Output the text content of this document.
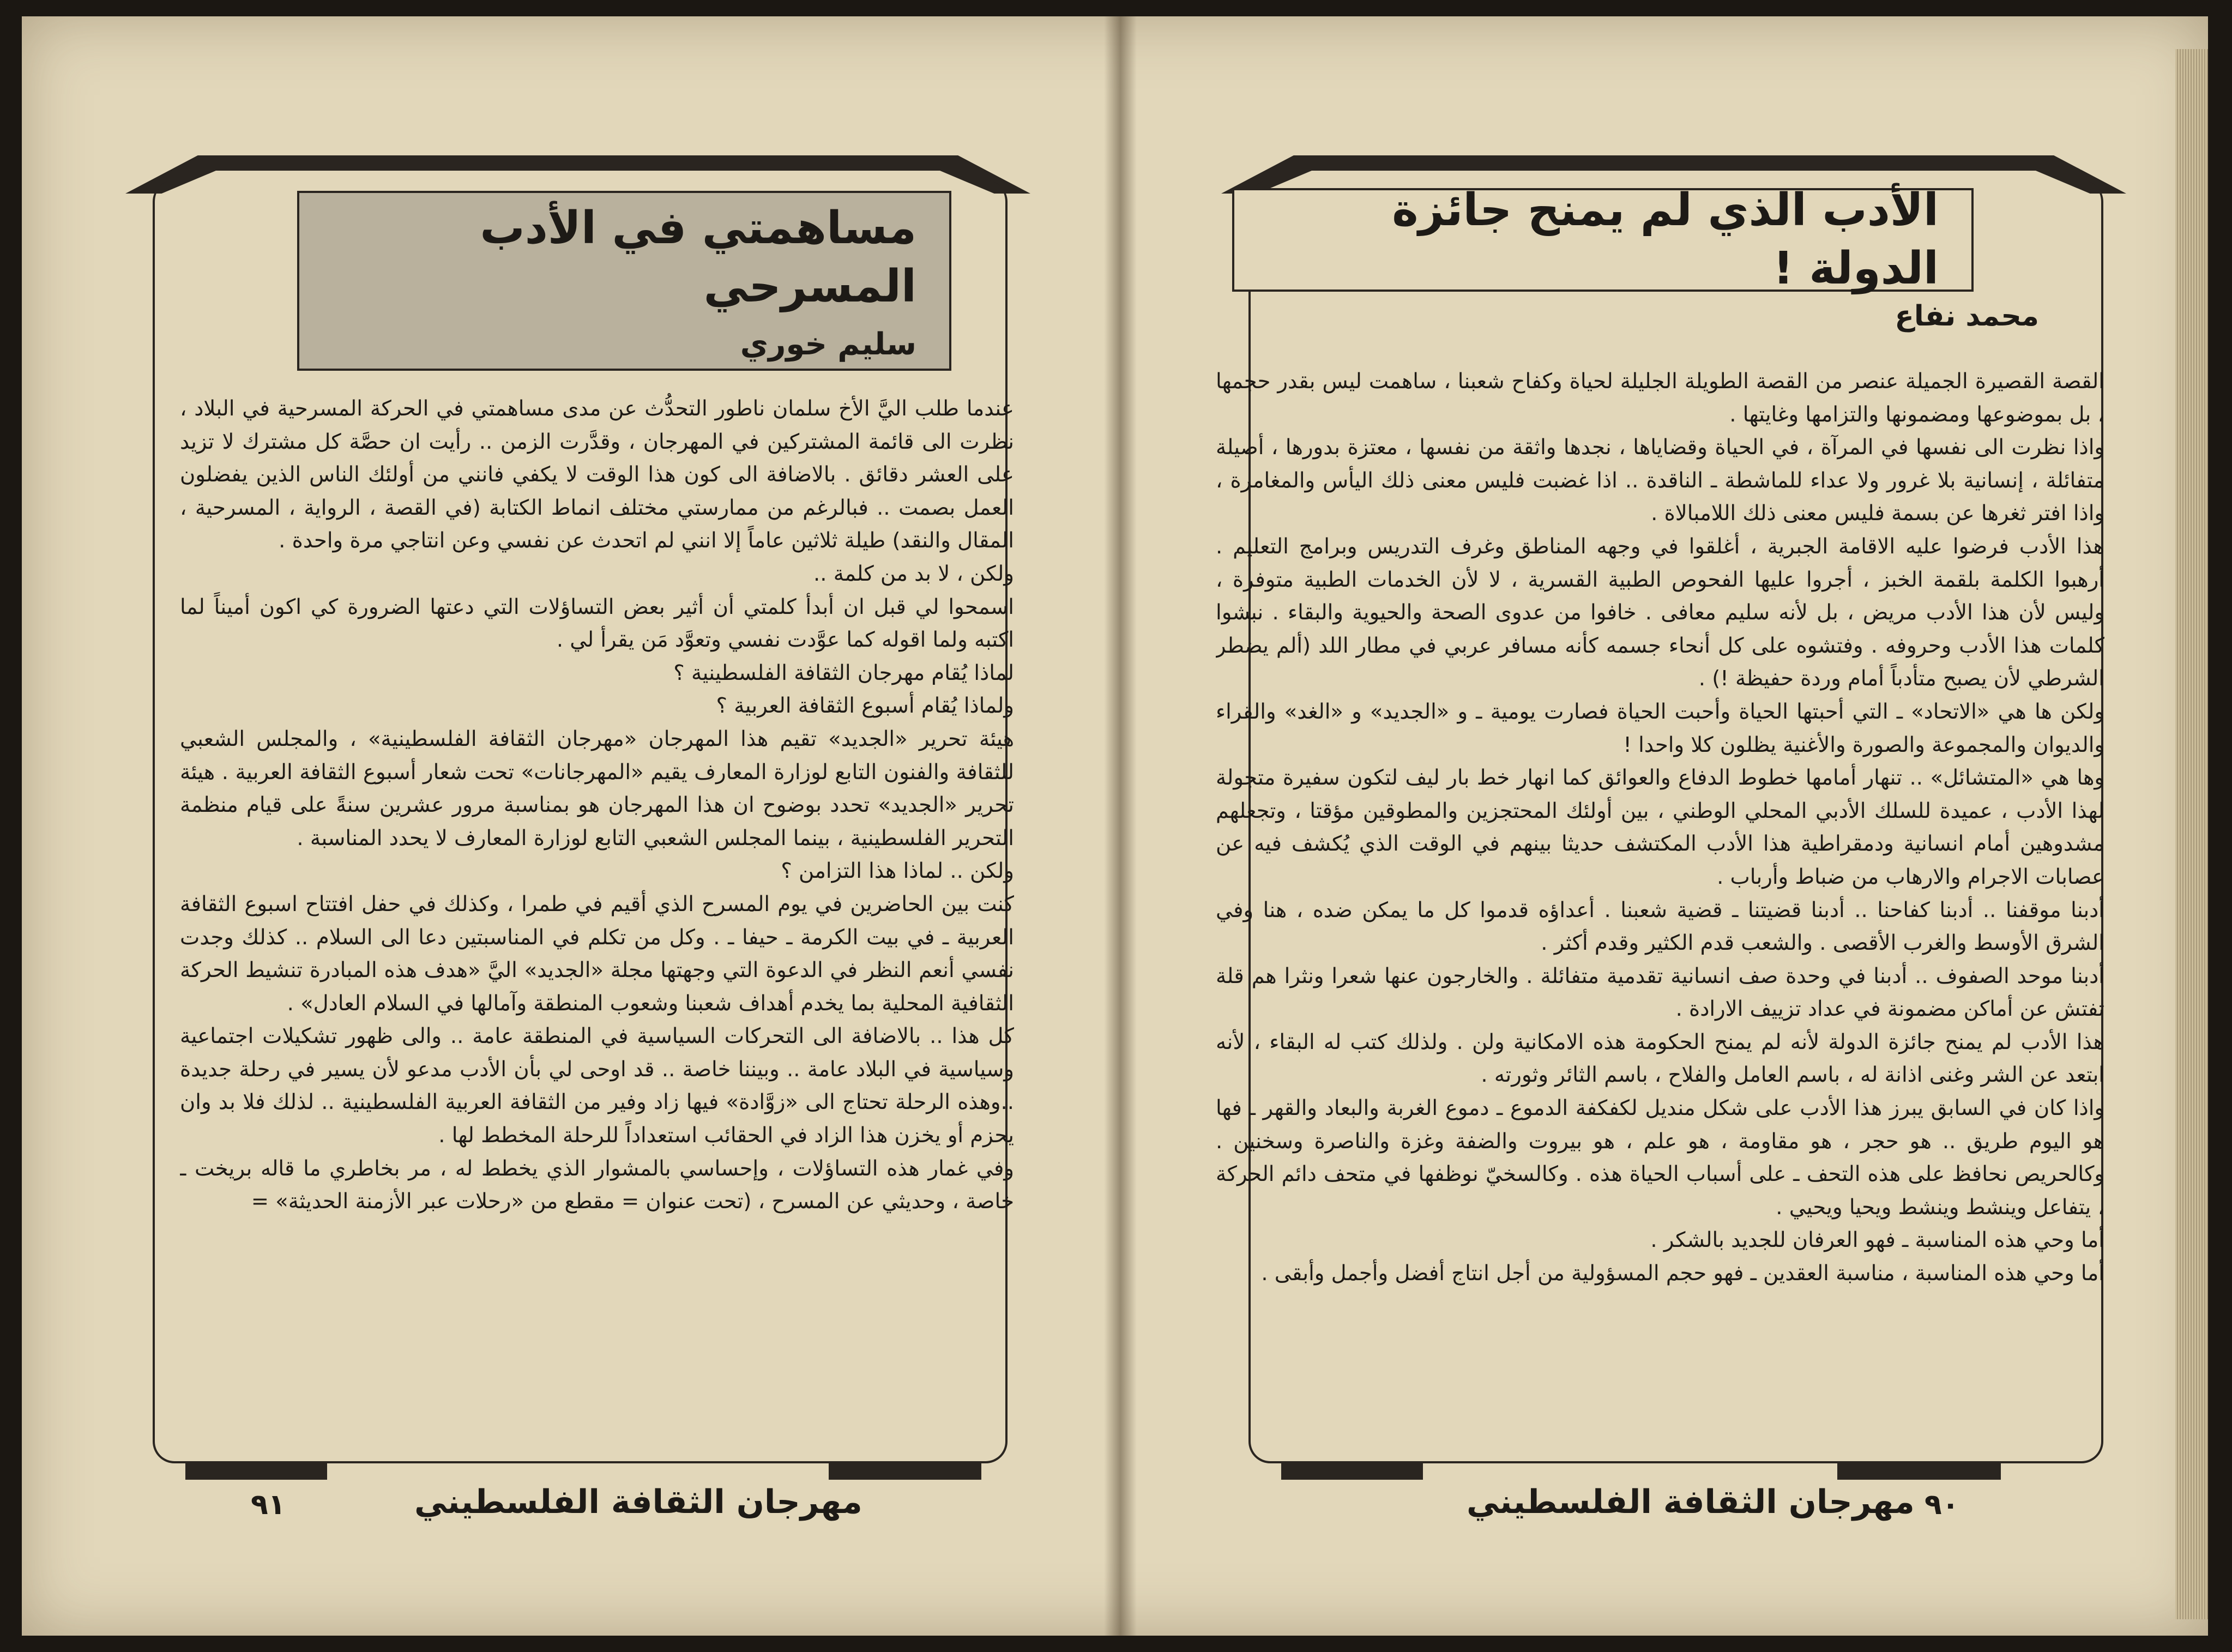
مساهمتي في الأدب المسرحي
سليم خوري

عندما طلب اليَّ الأخ سلمان ناطور التحدُّث عن مدى مساهمتي في الحركة المسرحية في البلاد ، نظرت الى قائمة المشتركين في المهرجان ، وقدَّرت الزمن .. رأيت ان حصَّة كل مشترك لا تزيد على العشر دقائق . بالاضافة الى كون هذا الوقت لا يكفي فانني من أولئك الناس الذين يفضلون العمل بصمت .. فبالرغم من ممارستي مختلف انماط الكتابة (في القصة ، الرواية ، المسرحية ، المقال والنقد) طيلة ثلاثين عاماً إلا انني لم اتحدث عن نفسي وعن انتاجي مرة واحدة .

ولكن ، لا بد من كلمة ..

اسمحوا لي قبل ان أبدأ كلمتي أن أثير بعض التساؤلات التي دعتها الضرورة كي اكون أميناً لما اكتبه ولما اقوله كما عوَّدت نفسي وتعوَّد مَن يقرأ لي .

لماذا يُقام مهرجان الثقافة الفلسطينية ؟

ولماذا يُقام أسبوع الثقافة العربية ؟

هيئة تحرير «الجديد» تقيم هذا المهرجان «مهرجان الثقافة الفلسطينية» ، والمجلس الشعبي للثقافة والفنون التابع لوزارة المعارف يقيم «المهرجانات» تحت شعار أسبوع الثقافة العربية . هيئة تحرير «الجديد» تحدد بوضوح ان هذا المهرجان هو بمناسبة مرور عشرين سنةً على قيام منظمة التحرير الفلسطينية ، بينما المجلس الشعبي التابع لوزارة المعارف لا يحدد المناسبة .

ولكن .. لماذا هذا التزامن ؟

كنت بين الحاضرين في يوم المسرح الذي أقيم في طمرا ، وكذلك في حفل افتتاح اسبوع الثقافة العربية ـ في بيت الكرمة ـ حيفا ـ . وكل من تكلم في المناسبتين دعا الى السلام .. كذلك وجدت نفسي أنعم النظر في الدعوة التي وجهتها مجلة «الجديد» اليَّ «هدف هذه المبادرة تنشيط الحركة الثقافية المحلية بما يخدم أهداف شعبنا وشعوب المنطقة وآمالها في السلام العادل» .

كل هذا .. بالاضافة الى التحركات السياسية في المنطقة عامة .. والى ظهور تشكيلات اجتماعية وسياسية في البلاد عامة .. وبيننا خاصة .. قد اوحى لي بأن الأدب مدعو لأن يسير في رحلة جديدة ..وهذه الرحلة تحتاج الى «زوَّادة» فيها زاد وفير من الثقافة العربية الفلسطينية .. لذلك فلا بد وان يحزم أو يخزن هذا الزاد في الحقائب استعداداً للرحلة المخطط لها .

وفي غمار هذه التساؤلات ، وإحساسي بالمشوار الذي يخطط له ، مر بخاطري ما قاله بريخت ـ خاصة ، وحديثي عن المسرح ، (تحت عنوان = مقطع من «رحلات عبر الأزمنة الحديثة» =

مهرجان الثقافة الفلسطيني
٩١
الأدب الذي لم يمنح جائزة الدولة !
محمد نفاع

القصة القصيرة الجميلة عنصر من القصة الطويلة الجليلة لحياة وكفاح شعبنا ، ساهمت ليس بقدر حجمها ، بل بموضوعها ومضمونها والتزامها وغايتها .

واذا نظرت الى نفسها في المرآة ، في الحياة وقضاياها ، نجدها واثقة من نفسها ، معتزة بدورها ، أصيلة متفائلة ، إنسانية بلا غرور ولا عداء للماشطة ـ الناقدة .. اذا غضبت فليس معنى ذلك اليأس والمغامرة ، واذا افتر ثغرها عن بسمة فليس معنى ذلك اللامبالاة .

هذا الأدب فرضوا عليه الاقامة الجبرية ، أغلقوا في وجهه المناطق وغرف التدريس وبرامج التعليم . أرهبوا الكلمة بلقمة الخبز ، أجروا عليها الفحوص الطبية القسرية ، لا لأن الخدمات الطبية متوفرة ، وليس لأن هذا الأدب مريض ، بل لأنه سليم معافى . خافوا من عدوى الصحة والحيوية والبقاء . نبشوا كلمات هذا الأدب وحروفه . وفتشوه على كل أنحاء جسمه كأنه مسافر عربي في مطار اللد (ألم يضطر الشرطي لأن يصبح متأدباً أمام وردة حفيظة !) .

ولكن ها هي «الاتحاد» ـ التي أحبتها الحياة وأحبت الحياة فصارت يومية ـ و «الجديد» و «الغد» والقراء والديوان والمجموعة والصورة والأغنية يظلون كلا واحدا !

وها هي «المتشائل» .. تنهار أمامها خطوط الدفاع والعوائق كما انهار خط بار ليف لتكون سفيرة متجولة لهذا الأدب ، عميدة للسلك الأدبي المحلي الوطني ، بين أولئك المحتجزين والمطوقين مؤقتا ، وتجعلهم مشدوهين أمام انسانية ودمقراطية هذا الأدب المكتشف حديثا بينهم في الوقت الذي يُكشف فيه عن عصابات الاجرام والارهاب من ضباط وأرباب .

أدبنا موقفنا .. أدبنا كفاحنا .. أدبنا قضيتنا ـ قضية شعبنا . أعداؤه قدموا كل ما يمكن ضده ، هنا وفي الشرق الأوسط والغرب الأقصى . والشعب قدم الكثير وقدم أكثر .

أدبنا موحد الصفوف .. أدبنا في وحدة صف انسانية تقدمية متفائلة . والخارجون عنها شعرا ونثرا هم قلة تفتش عن أماكن مضمونة في عداد تزييف الارادة .

هذا الأدب لم يمنح جائزة الدولة لأنه لم يمنح الحكومة هذه الامكانية ولن . ولذلك كتب له البقاء ، لأنه ابتعد عن الشر وغنى اذانة له ، باسم العامل والفلاح ، باسم الثائر وثورته .

واذا كان في السابق يبرز هذا الأدب على شكل منديل لكفكفة الدموع ـ دموع الغربة والبعاد والقهر ـ فها هو اليوم طريق .. هو حجر ، هو مقاومة ، هو علم ، هو بيروت والضفة وغزة والناصرة وسخنين . وكالحريص نحافظ على هذه التحف ـ على أسباب الحياة هذه . وكالسخيّ نوظفها في متحف دائم الحركة ، يتفاعل وينشط وينشط ويحيا ويحيي .

أما وحي هذه المناسبة ـ فهو العرفان للجديد بالشكر .

أما وحي هذه المناسبة ، مناسبة العقدين ـ فهو حجم المسؤولية من أجل انتاج أفضل وأجمل وأبقى .

مهرجان الثقافة الفلسطيني ٩٠
